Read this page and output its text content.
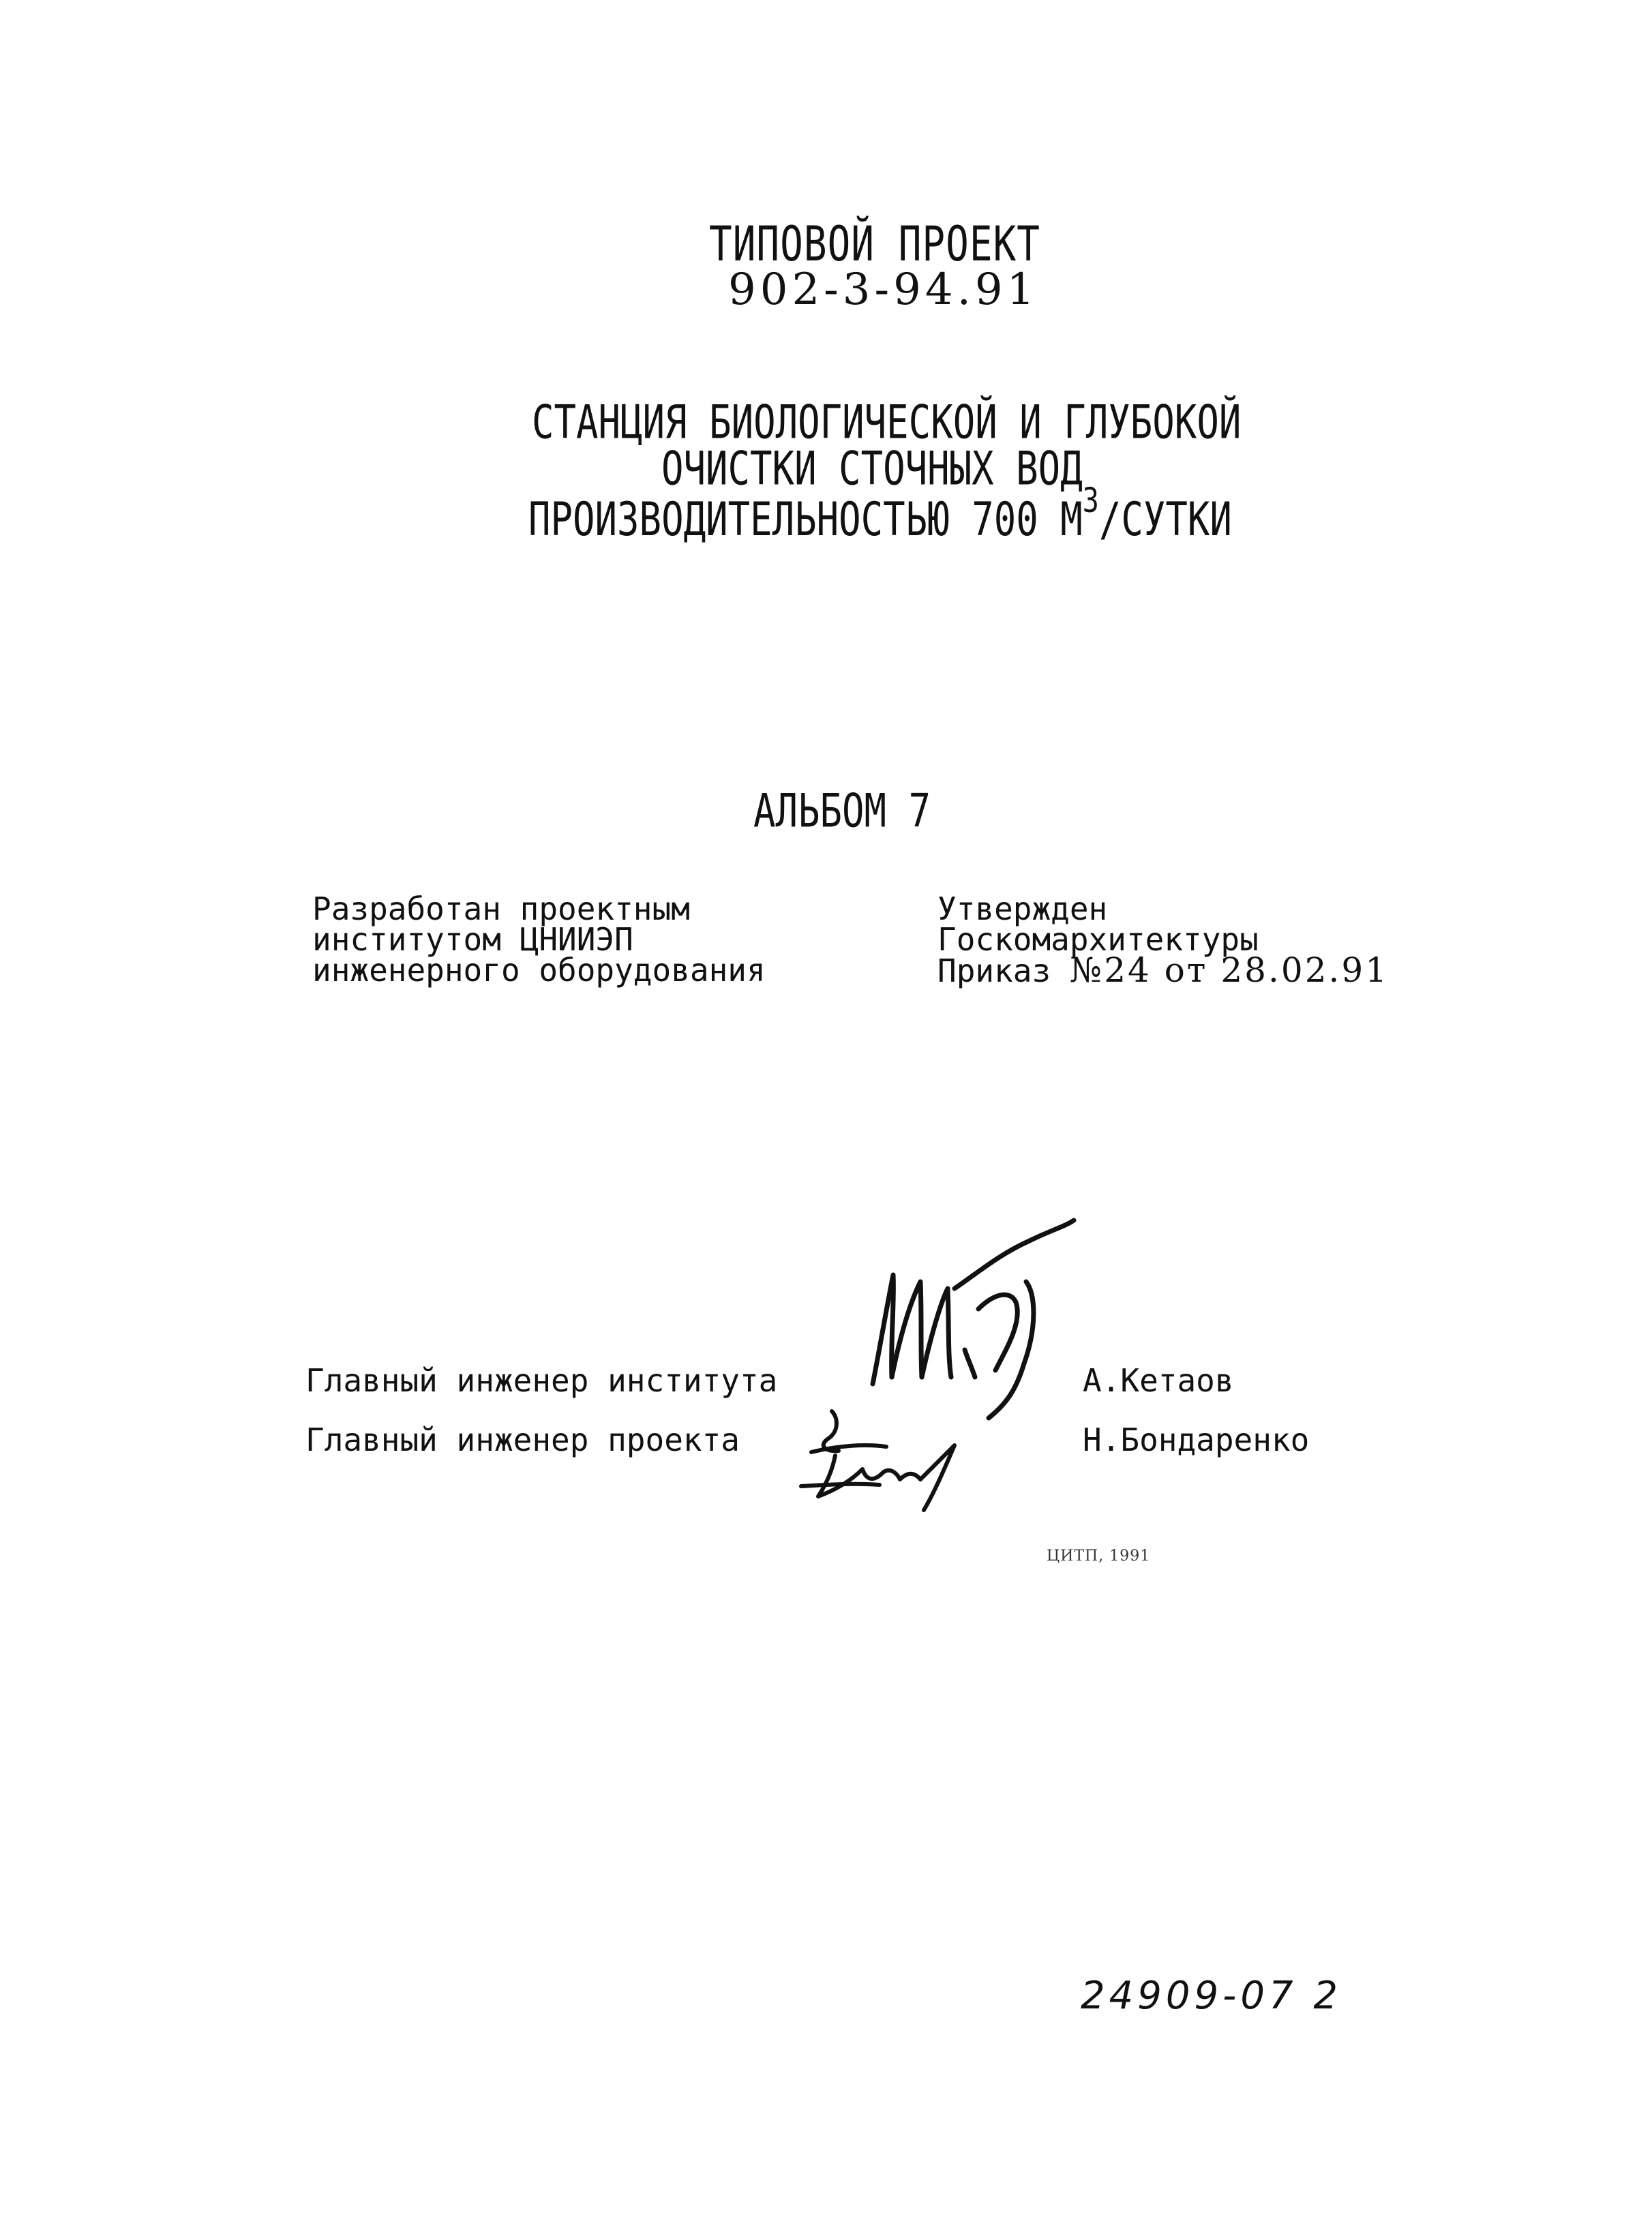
ТИПОВОЙ ПРОЕКТ
902-3-94.91
СТАНЦИЯ БИОЛОГИЧЕСКОЙ И ГЛУБОКОЙ
ОЧИСТКИ СТОЧНЫХ ВОД
ПРОИЗВОДИТЕЛЬНОСТЬЮ 700 $М^3$/СУТКИ
АЛЬБОМ 7
Разработан проектным
институтом ЦНИИЭП
инженерного оборудования
Утвержден
Госкомархитектуры
Приказ №24 от 28.02.91
Главный инженер института
Главный инженер проекта
А.Кетаов
Н.Бондаренко
ЦИТП, 1991
24909-07 2
